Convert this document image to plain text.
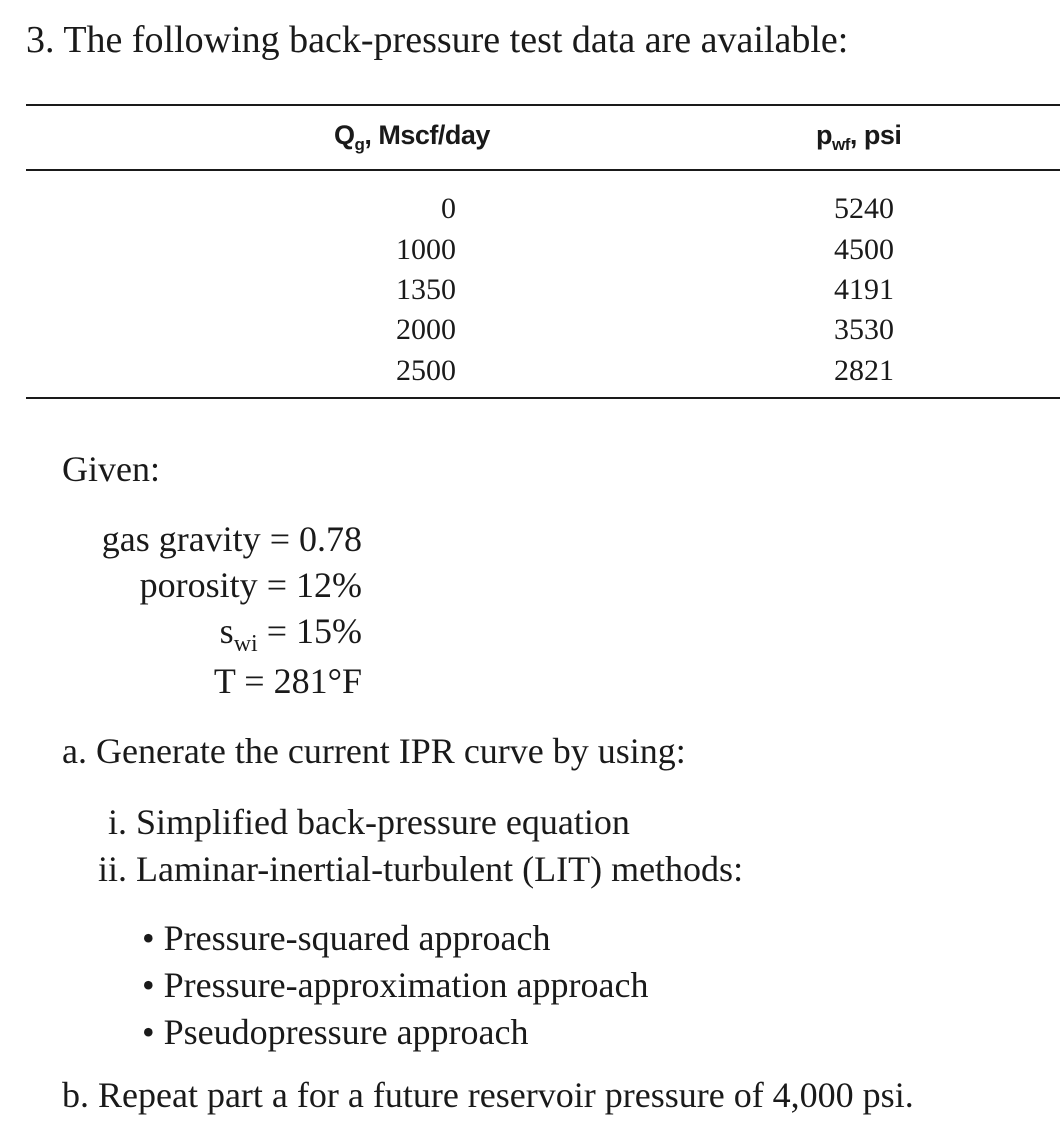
3. The following back-pressure test data are available:
$Q_g$, Mscf/day	$p_{wf}$, psi
0	5240
1000	4500
1350	4191
2000	3530
2500	2821
Given:
gas gravity = 0.78
porosity = 12%
$s_{wi} = 15\%$
T = 281°F
a. Generate the current IPR curve by using:
i. Simplified back-pressure equation
ii. Laminar-inertial-turbulent (LIT) methods:
• Pressure-squared approach
• Pressure-approximation approach
• Pseudopressure approach
b. Repeat part a for a future reservoir pressure of 4,000 psi.
